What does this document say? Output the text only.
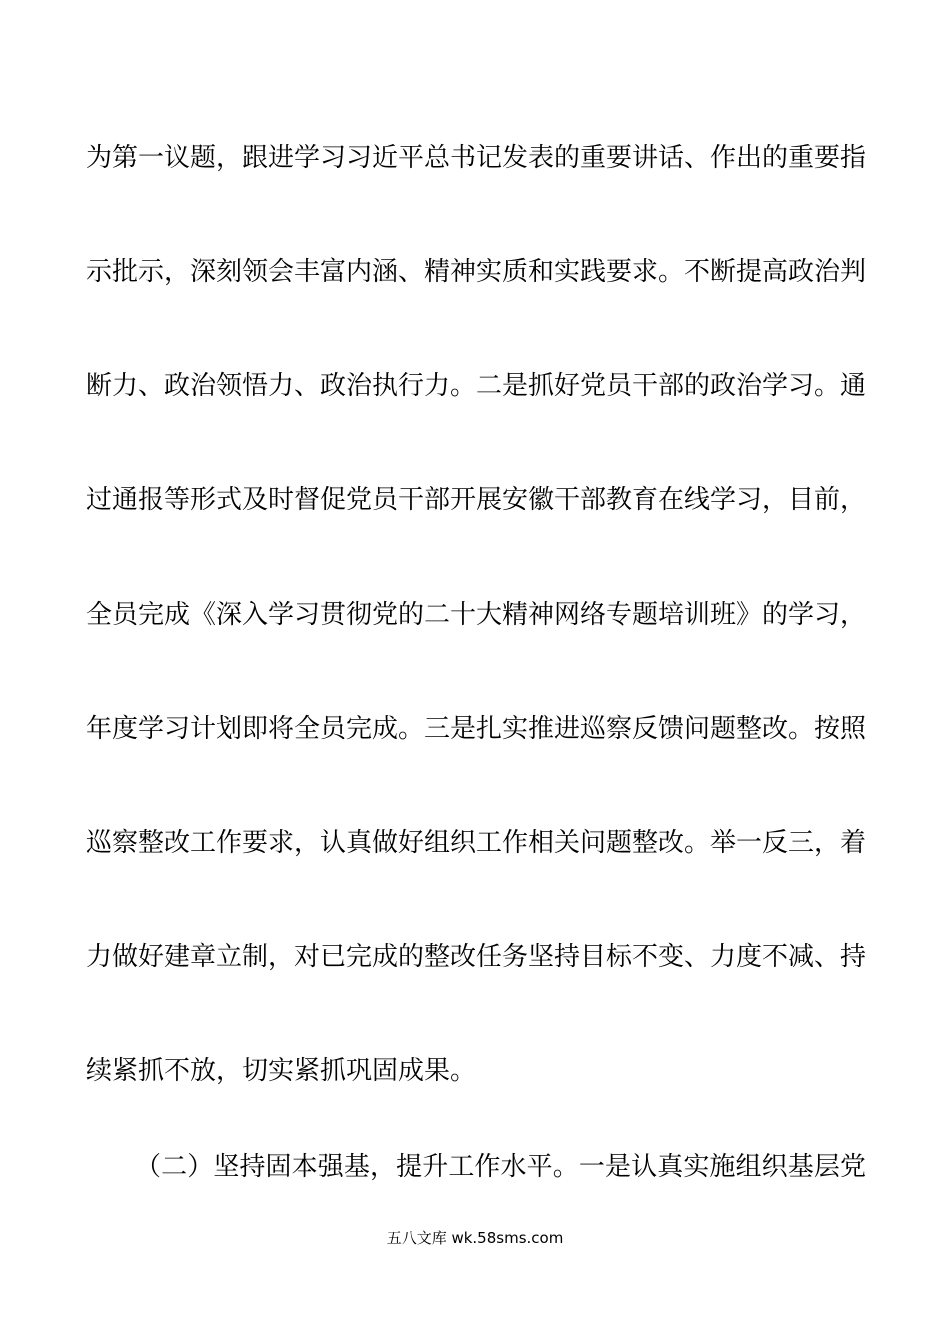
为第一议题，跟进学习习近平总书记发表的重要讲话、作出的重要指
示批示，深刻领会丰富内涵、精神实质和实践要求。不断提高政治判
断力、政治领悟力、政治执行力。二是抓好党员干部的政治学习。通
过通报等形式及时督促党员干部开展安徽干部教育在线学习，目前，
全员完成《深入学习贯彻党的二十大精神网络专题培训班》的学习，
年度学习计划即将全员完成。三是扎实推进巡察反馈问题整改。按照
巡察整改工作要求，认真做好组织工作相关问题整改。举一反三，着
力做好建章立制，对已完成的整改任务坚持目标不变、力度不减、持
续紧抓不放，切实紧抓巩固成果。
（二）坚持固本强基，提升工作水平。一是认真实施组织基层党
五八文库 wk.58sms.com
